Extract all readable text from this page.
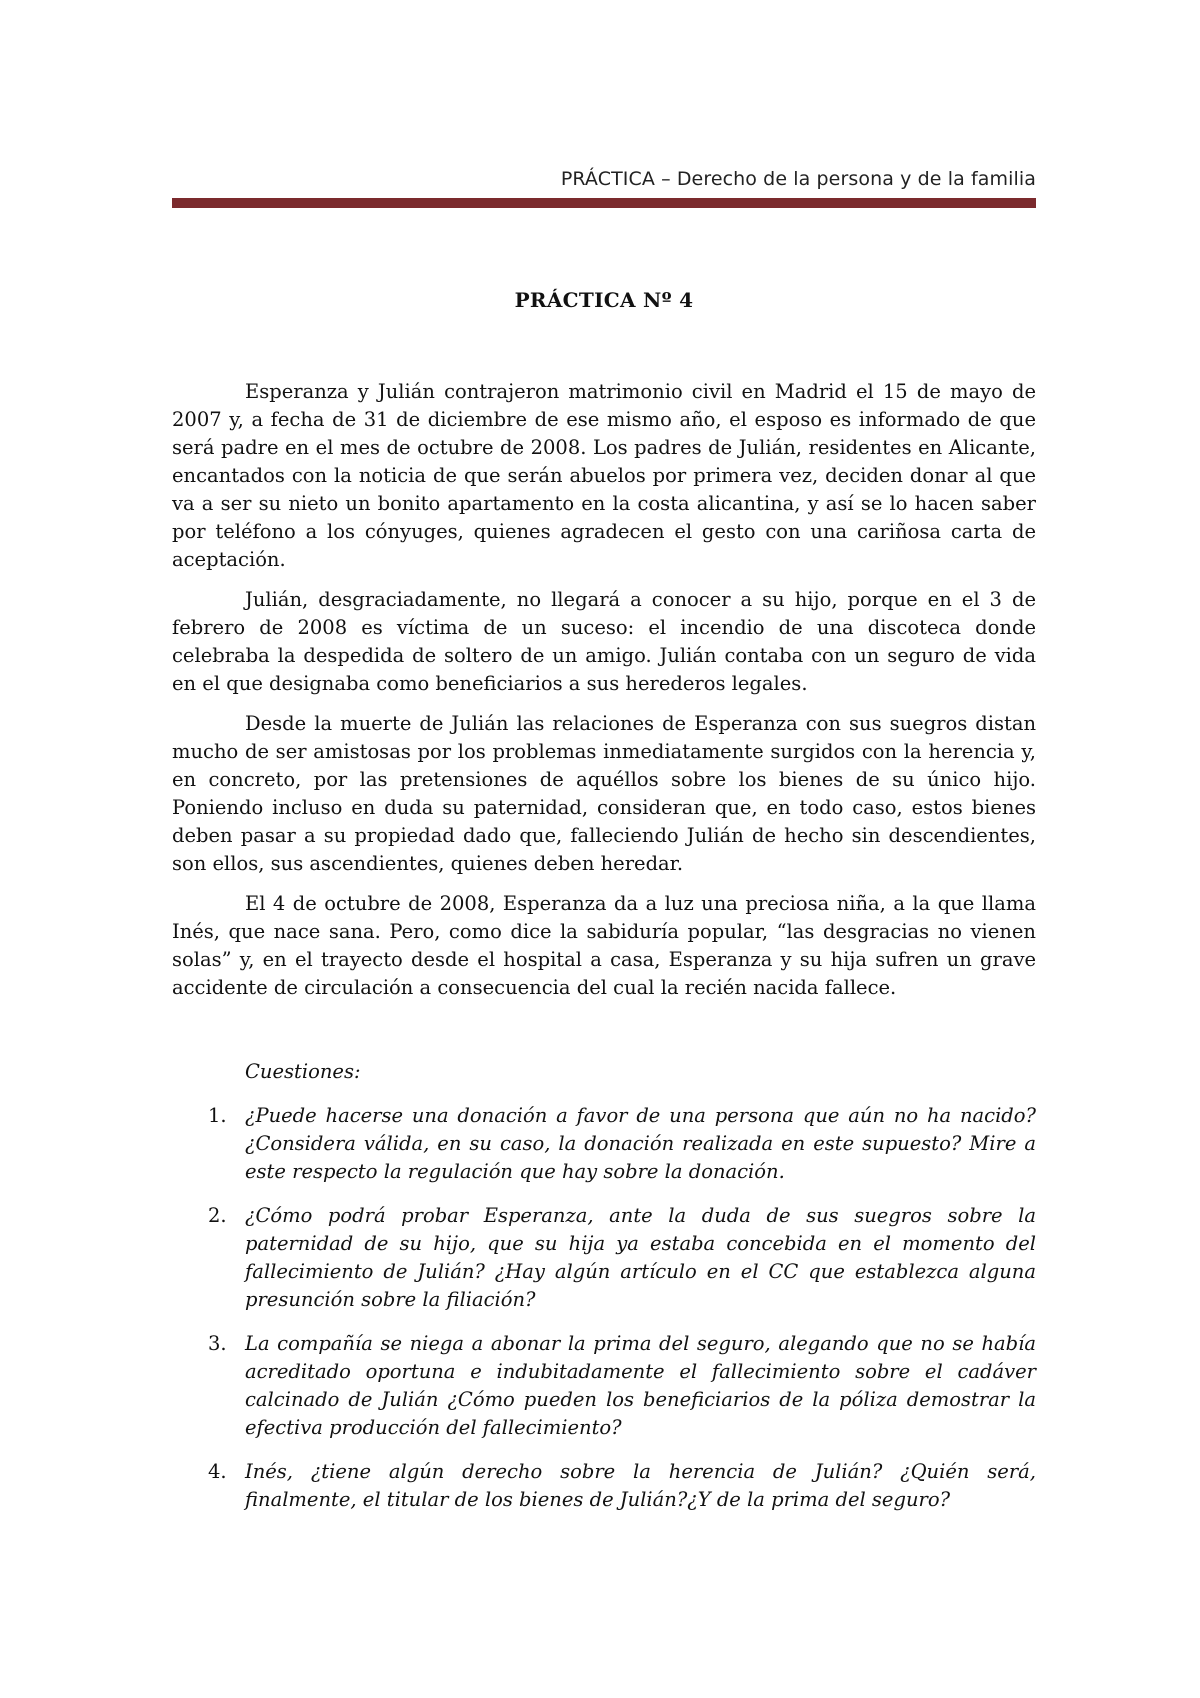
PRÁCTICA – Derecho de la persona y de la familia
PRÁCTICA Nº 4

Esperanza y Julián contrajeron matrimonio civil en Madrid el 15 de mayo de 2007 y, a fecha de 31 de diciembre de ese mismo año, el esposo es informado de que será padre en el mes de octubre de 2008. Los padres de Julián, residentes en Alicante, encantados con la noticia de que serán abuelos por primera vez, deciden donar al que va a ser su nieto un bonito apartamento en la costa alicantina, y así se lo hacen saber por teléfono a los cónyuges, quienes agradecen el gesto con una cariñosa carta de aceptación.

Julián, desgraciadamente, no llegará a conocer a su hijo, porque en el 3 de febrero de 2008 es víctima de un suceso: el incendio de una discoteca donde celebraba la despedida de soltero de un amigo. Julián contaba con un seguro de vida en el que designaba como beneficiarios a sus herederos legales.

Desde la muerte de Julián las relaciones de Esperanza con sus suegros distan mucho de ser amistosas por los problemas inmediatamente surgidos con la herencia y, en concreto, por las pretensiones de aquéllos sobre los bienes de su único hijo. Poniendo incluso en duda su paternidad, consideran que, en todo caso, estos bienes deben pasar a su propiedad dado que, falleciendo Julián de hecho sin descendientes, son ellos, sus ascendientes, quienes deben heredar.

El 4 de octubre de 2008, Esperanza da a luz una preciosa niña, a la que llama Inés, que nace sana. Pero, como dice la sabiduría popular, “las desgracias no vienen solas” y, en el trayecto desde el hospital a casa, Esperanza y su hija sufren un grave accidente de circulación a consecuencia del cual la recién nacida fallece.

Cuestiones:
1. ¿Puede hacerse una donación a favor de una persona que aún no ha nacido? ¿Considera válida, en su caso, la donación realizada en este supuesto? Mire a este respecto la regulación que hay sobre la donación.
2. ¿Cómo podrá probar Esperanza, ante la duda de sus suegros sobre la paternidad de su hijo, que su hija ya estaba concebida en el momento del fallecimiento de Julián? ¿Hay algún artículo en el CC que establezca alguna presunción sobre la filiación?
3. La compañía se niega a abonar la prima del seguro, alegando que no se había acreditado oportuna e indubitadamente el fallecimiento sobre el cadáver calcinado de Julián ¿Cómo pueden los beneficiarios de la póliza demostrar la efectiva producción del fallecimiento?
4. Inés, ¿tiene algún derecho sobre la herencia de Julián? ¿Quién será, finalmente, el titular de los bienes de Julián?¿Y de la prima del seguro?
